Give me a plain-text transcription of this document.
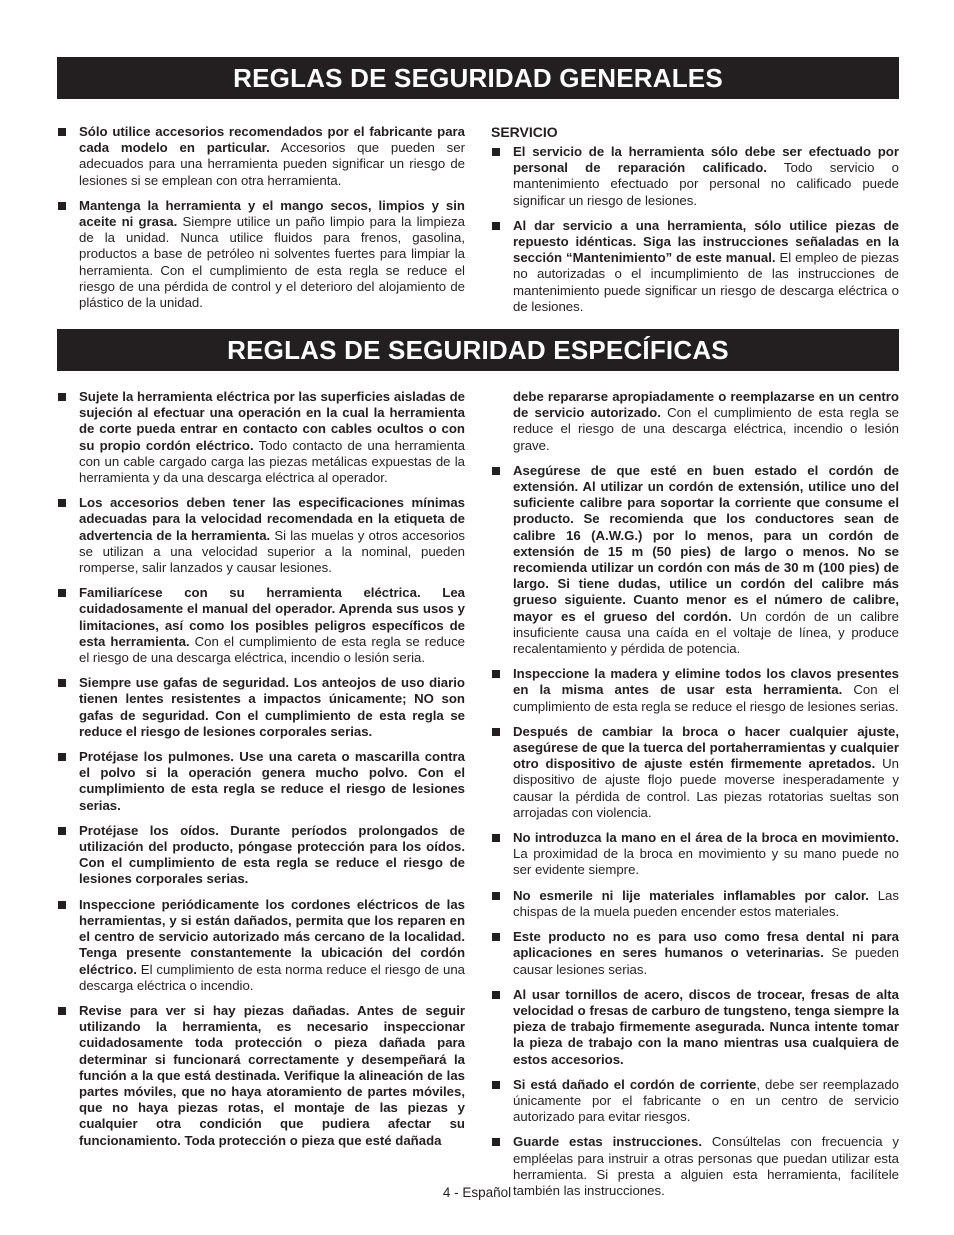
REGLAS DE SEGURIDAD GENERALES
Sólo utilice accesorios recomendados por el fabricante para cada modelo en particular. Accesorios que pueden ser adecuados para una herramienta pueden significar un riesgo de lesiones si se emplean con otra herramienta.
Mantenga la herramienta y el mango secos, limpios y sin aceite ni grasa. Siempre utilice un paño limpio para la limpieza de la unidad. Nunca utilice fluidos para frenos, gasolina, productos a base de petróleo ni solventes fuertes para limpiar la herramienta. Con el cumplimiento de esta regla se reduce el riesgo de una pérdida de control y el deterioro del alojamiento de plástico de la unidad.
SERVICIO
El servicio de la herramienta sólo debe ser efectuado por personal de reparación calificado. Todo servicio o mantenimiento efectuado por personal no calificado puede significar un riesgo de lesiones.
Al dar servicio a una herramienta, sólo utilice piezas de repuesto idénticas. Siga las instrucciones señaladas en la sección “Mantenimiento” de este manual. El empleo de piezas no autorizadas o el incumplimiento de las instrucciones de mantenimiento puede significar un riesgo de descarga eléctrica o de lesiones.
REGLAS DE SEGURIDAD ESPECÍFICAS
Sujete la herramienta eléctrica por las superficies aisladas de sujeción al efectuar una operación en la cual la herramienta de corte pueda entrar en contacto con cables ocultos o con su propio cordón eléctrico. Todo contacto de una herramienta con un cable cargado carga las piezas metálicas expuestas de la herramienta y da una descarga eléctrica al operador.
Los accesorios deben tener las especificaciones mínimas adecuadas para la velocidad recomendada en la etiqueta de advertencia de la herramienta. Si las muelas y otros accesorios se utilizan a una velocidad superior a la nominal, pueden romperse, salir lanzados y causar lesiones.
Familiarícese con su herramienta eléctrica. Lea cuidadosamente el manual del operador. Aprenda sus usos y limitaciones, así como los posibles peligros específicos de esta herramienta. Con el cumplimiento de esta regla se reduce el riesgo de una descarga eléctrica, incendio o lesión seria.
Siempre use gafas de seguridad. Los anteojos de uso diario tienen lentes resistentes a impactos únicamente; NO son gafas de seguridad. Con el cumplimiento de esta regla se reduce el riesgo de lesiones corporales serias.
Protéjase los pulmones. Use una careta o mascarilla contra el polvo si la operación genera mucho polvo. Con el cumplimiento de esta regla se reduce el riesgo de lesiones serias.
Protéjase los oídos. Durante períodos prolongados de utilización del producto, póngase protección para los oídos. Con el cumplimiento de esta regla se reduce el riesgo de lesiones corporales serias.
Inspeccione periódicamente los cordones eléctricos de las herramientas, y si están dañados, permita que los reparen en el centro de servicio autorizado más cercano de la localidad. Tenga presente constantemente la ubicación del cordón eléctrico. El cumplimiento de esta norma reduce el riesgo de una descarga eléctrica o incendio.
Revise para ver si hay piezas dañadas. Antes de seguir utilizando la herramienta, es necesario inspeccionar cuidadosamente toda protección o pieza dañada para determinar si funcionará correctamente y desempeñará la función a la que está destinada. Verifique la alineación de las partes móviles, que no haya atoramiento de partes móviles, que no haya piezas rotas, el montaje de las piezas y cualquier otra condición que pudiera afectar su funcionamiento. Toda protección o pieza que esté dañada
debe repararse apropiadamente o reemplazarse en un centro de servicio autorizado. Con el cumplimiento de esta regla se reduce el riesgo de una descarga eléctrica, incendio o lesión grave.
Asegúrese de que esté en buen estado el cordón de extensión. Al utilizar un cordón de extensión, utilice uno del suficiente calibre para soportar la corriente que consume el producto. Se recomienda que los conductores sean de calibre 16 (A.W.G.) por lo menos, para un cordón de extensión de 15 m (50 pies) de largo o menos. No se recomienda utilizar un cordón con más de 30 m (100 pies) de largo. Si tiene dudas, utilice un cordón del calibre más grueso siguiente. Cuanto menor es el número de calibre, mayor es el grueso del cordón. Un cordón de un calibre insuficiente causa una caída en el voltaje de línea, y produce recalentamiento y pérdida de potencia.
Inspeccione la madera y elimine todos los clavos presentes en la misma antes de usar esta herramienta. Con el cumplimiento de esta regla se reduce el riesgo de lesiones serias.
Después de cambiar la broca o hacer cualquier ajuste, asegúrese de que la tuerca del portaherramientas y cualquier otro dispositivo de ajuste estén firmemente apretados. Un dispositivo de ajuste flojo puede moverse inesperadamente y causar la pérdida de control. Las piezas rotatorias sueltas son arrojadas con violencia.
No introduzca la mano en el área de la broca en movimiento. La proximidad de la broca en movimiento y su mano puede no ser evidente siempre.
No esmerile ni lije materiales inflamables por calor. Las chispas de la muela pueden encender estos materiales.
Este producto no es para uso como fresa dental ni para aplicaciones en seres humanos o veterinarias. Se pueden causar lesiones serias.
Al usar tornillos de acero, discos de trocear, fresas de alta velocidad o fresas de carburo de tungsteno, tenga siempre la pieza de trabajo firmemente asegurada. Nunca intente tomar la pieza de trabajo con la mano mientras usa cualquiera de estos accesorios.
Si está dañado el cordón de corriente, debe ser reemplazado únicamente por el fabricante o en un centro de servicio autorizado para evitar riesgos.
Guarde estas instrucciones. Consúltelas con frecuencia y empléelas para instruir a otras personas que puedan utilizar esta herramienta. Si presta a alguien esta herramienta, facilítele también las instrucciones.
4 - Español
